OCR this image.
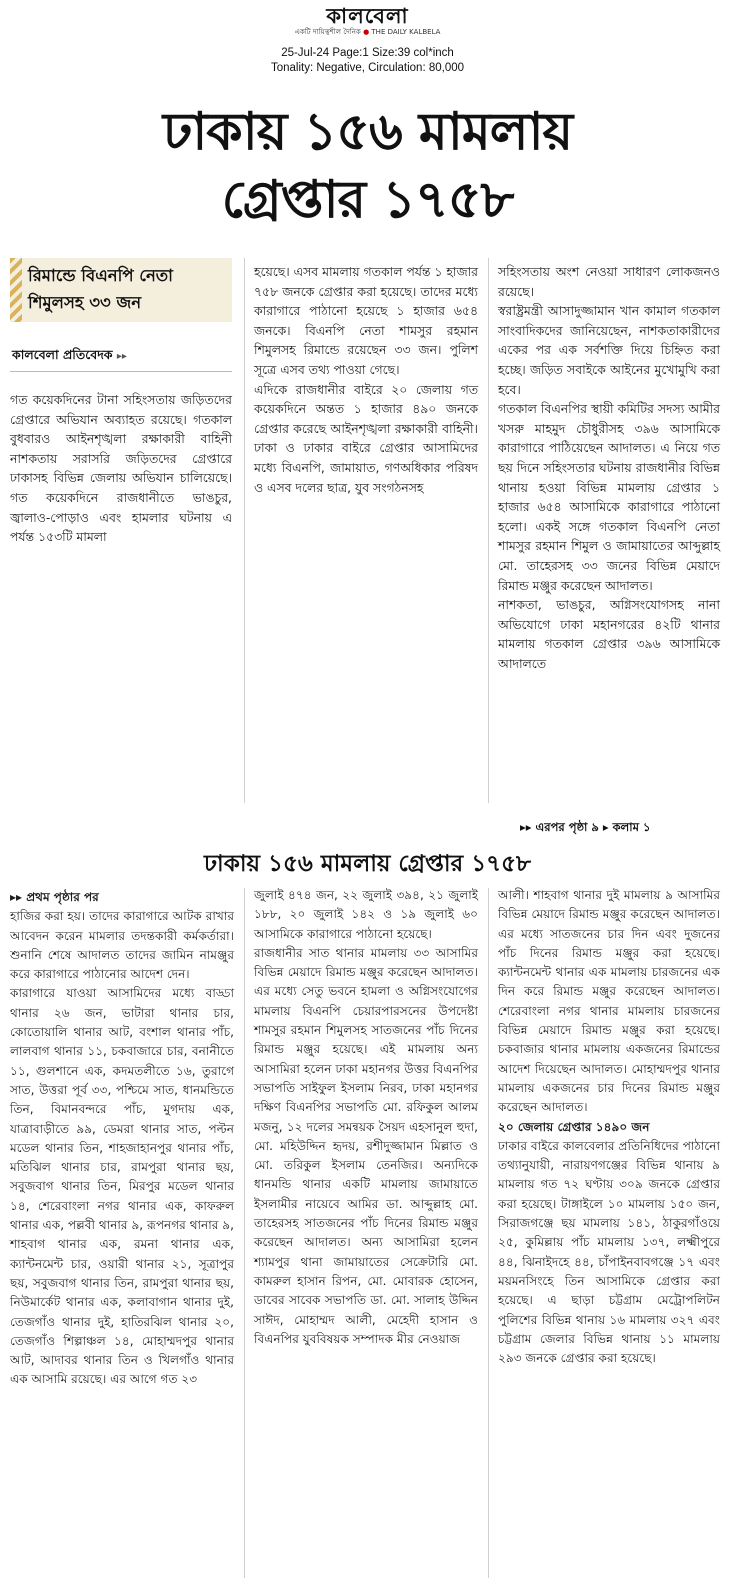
কালবেলা
একটি দায়িত্বশীল দৈনিক ● THE DAILY KALBELA
25-Jul-24 Page:1 Size:39 col*inch
Tonality: Negative, Circulation: 80,000
ঢাকায় ১৫৬ মামলায়
গ্রেপ্তার ১৭৫৮
রিমান্ডে বিএনপি নেতা শিমুলসহ ৩৩ জন
কালবেলা প্রতিবেদক ▸▸

গত কয়েকদিনের টানা সহিংসতায় জড়িতদের গ্রেপ্তারে অভিযান অব্যাহত রয়েছে। গতকাল বুধবারও আইনশৃঙ্খলা রক্ষাকারী বাহিনী নাশকতায় সরাসরি জড়িতদের গ্রেপ্তারে ঢাকাসহ বিভিন্ন জেলায় অভিযান চালিয়েছে। গত কয়েকদিনে রাজধানীতে ভাঙচুর, জ্বালাও-পোড়াও এবং হামলার ঘটনায় এ পর্যন্ত ১৫৩টি মামলা

হয়েছে। এসব মামলায় গতকাল পর্যন্ত ১ হাজার ৭৫৮ জনকে গ্রেপ্তার করা হয়েছে। তাদের মধ্যে কারাগারে পাঠানো হয়েছে ১ হাজার ৬৫৪ জনকে। বিএনপি নেতা শামসুর রহমান শিমুলসহ রিমান্ডে রয়েছেন ৩৩ জন। পুলিশ সূত্রে এসব তথ্য পাওয়া গেছে।

এদিকে রাজধানীর বাইরে ২০ জেলায় গত কয়েকদিনে অন্তত ১ হাজার ৪৯০ জনকে গ্রেপ্তার করেছে আইনশৃঙ্খলা রক্ষাকারী বাহিনী। ঢাকা ও ঢাকার বাইরে গ্রেপ্তার আসামিদের মধ্যে বিএনপি, জামায়াত, গণঅধিকার পরিষদ ও এসব দলের ছাত্র, যুব সংগঠনসহ

সহিংসতায় অংশ নেওয়া সাধারণ লোকজনও রয়েছে।

স্বরাষ্ট্রমন্ত্রী আসাদুজ্জামান খান কামাল গতকাল সাংবাদিকদের জানিয়েছেন, নাশকতাকারীদের একের পর এক সর্বশক্তি দিয়ে চিহ্নিত করা হচ্ছে। জড়িত সবাইকে আইনের মুখোমুখি করা হবে।

গতকাল বিএনপির স্থায়ী কমিটির সদস্য আমীর খসরু মাহমুদ চৌধুরীসহ ৩৯৬ আসামিকে কারাগারে পাঠিয়েছেন আদালত। এ নিয়ে গত ছয় দিনে সহিংসতার ঘটনায় রাজধানীর বিভিন্ন থানায় হওয়া বিভিন্ন মামলায় গ্রেপ্তার ১ হাজার ৬৫৪ আসামিকে কারাগারে পাঠানো হলো। একই সঙ্গে গতকাল বিএনপি নেতা শামসুর রহমান শিমুল ও জামায়াতের আব্দুল্লাহ মো. তাহেরসহ ৩৩ জনের বিভিন্ন মেয়াদে রিমান্ড মঞ্জুর করেছেন আদালত।

নাশকতা, ভাঙচুর, অগ্নিসংযোগসহ নানা অভিযোগে ঢাকা মহানগরের ৪২টি থানার মামলায় গতকাল গ্রেপ্তার ৩৯৬ আসামিকে আদালতে

▸▸ এরপর পৃষ্ঠা ৯ ▸ কলাম ১
ঢাকায় ১৫৬ মামলায় গ্রেপ্তার ১৭৫৮

▸▸ প্রথম পৃষ্ঠার পর

হাজির করা হয়। তাদের কারাগারে আটক রাখার আবেদন করেন মামলার তদন্তকারী কর্মকর্তারা। শুনানি শেষে আদালত তাদের জামিন নামঞ্জুর করে কারাগারে পাঠানোর আদেশ দেন।

কারাগারে যাওয়া আসামিদের মধ্যে বাড্ডা থানার ২৬ জন, ভাটারা থানার চার, কোতোয়ালি থানার আট, বংশাল থানার পাঁচ, লালবাগ থানার ১১, চকবাজারে চার, বনানীতে ১১, গুলশানে এক, কদমতলীতে ১৬, তুরাগে সাত, উত্তরা পূর্ব ৩৩, পশ্চিমে সাত, ধানমন্ডিতে তিন, বিমানবন্দরে পাঁচ, মুগদায় এক, যাত্রাবাড়ীতে ৯৯, ডেমরা থানার সাত, পল্টন মডেল থানার তিন, শাহজাহানপুর থানার পাঁচ, মতিঝিল থানার চার, রামপুরা থানার ছয়, সবুজবাগ থানার তিন, মিরপুর মডেল থানার ১৪, শেরেবাংলা নগর থানার এক, কাফরুল থানার এক, পল্লবী থানার ৯, রূপনগর থানার ৯, শাহবাগ থানার এক, রমনা থানার এক, ক্যান্টনমেন্ট চার, ওয়ারী থানার ২১, সূত্রাপুর ছয়, সবুজবাগ থানার তিন, রামপুরা থানার ছয়, নিউমার্কেট থানার এক, কলাবাগান থানার দুই, তেজগাঁও থানার দুই, হাতিরঝিল থানার ২০, তেজগাঁও শিল্পাঞ্চল ১৪, মোহাম্মদপুর থানার আট, আদাবর থানার তিন ও খিলগাঁও থানার এক আসামি রয়েছে। এর আগে গত ২৩

জুলাই ৪৭৪ জন, ২২ জুলাই ৩৯৪, ২১ জুলাই ১৮৮, ২০ জুলাই ১৪২ ও ১৯ জুলাই ৬০ আসামিকে কারাগারে পাঠানো হয়েছে।

রাজধানীর সাত থানার মামলায় ৩৩ আসামির বিভিন্ন মেয়াদে রিমান্ড মঞ্জুর করেছেন আদালত। এর মধ্যে সেতু ভবনে হামলা ও অগ্নিসংযোগের মামলায় বিএনপি চেয়ারপারসনের উপদেষ্টা শামসুর রহমান শিমুলসহ সাতজনের পাঁচ দিনের রিমান্ড মঞ্জুর হয়েছে। এই মামলায় অন্য আসামিরা হলেন ঢাকা মহানগর উত্তর বিএনপির সভাপতি সাইফুল ইসলাম নিরব, ঢাকা মহানগর দক্ষিণ বিএনপির সভাপতি মো. রফিকুল আলম মজনু, ১২ দলের সমন্বয়ক সৈয়দ এহসানুল হুদা, মো. মহিউদ্দিন হৃদয়, রশীদুজ্জামান মিল্লাত ও মো. তরিকুল ইসলাম তেনজির। অন্যদিকে ধানমন্ডি থানার একটি মামলায় জামায়াতে ইসলামীর নায়েবে আমির ডা. আব্দুল্লাহ মো. তাহেরসহ সাতজনের পাঁচ দিনের রিমান্ড মঞ্জুর করেছেন আদালত। অন্য আসামিরা হলেন শ্যামপুর থানা জামায়াতের সেক্রেটারি মো. কামরুল হাসান রিপন, মো. মোবারক হোসেন, ডাবের সাবেক সভাপতি ডা. মো. সালাহ উদ্দিন সাঈদ, মোহাম্মদ আলী, মেহেদী হাসান ও বিএনপির যুববিষয়ক সম্পাদক মীর নেওয়াজ

আলী। শাহবাগ থানার দুই মামলায় ৯ আসামির বিভিন্ন মেয়াদে রিমান্ড মঞ্জুর করেছেন আদালত। এর মধ্যে সাতজনের চার দিন এবং দুজনের পাঁচ দিনের রিমান্ড মঞ্জুর করা হয়েছে। ক্যান্টনমেন্ট থানার এক মামলায় চারজনের এক দিন করে রিমান্ড মঞ্জুর করেছেন আদালত। শেরেবাংলা নগর থানার মামলায় চারজনের বিভিন্ন মেয়াদে রিমান্ড মঞ্জুর করা হয়েছে। চকবাজার থানার মামলায় একজনের রিমান্ডের আদেশ দিয়েছেন আদালত। মোহাম্মদপুর থানার মামলায় একজনের চার দিনের রিমান্ড মঞ্জুর করেছেন আদালত।

২০ জেলায় গ্রেপ্তার ১৪৯০ জন

ঢাকার বাইরে কালবেলার প্রতিনিধিদের পাঠানো তথ্যানুযায়ী, নারায়ণগঞ্জের বিভিন্ন থানায় ৯ মামলায় গত ৭২ ঘণ্টায় ৩০৯ জনকে গ্রেপ্তার করা হয়েছে। টাঙ্গাইলে ১০ মামলায় ১৫০ জন, সিরাজগঞ্জে ছয় মামলায় ১৪১, ঠাকুরগাঁওয়ে ২৫, কুমিল্লায় পাঁচ মামলায় ১৩৭, লক্ষ্মীপুরে ৪৪, ঝিনাইদহে ৪৪, চাঁপাইনবাবগঞ্জে ১৭ এবং ময়মনসিংহে তিন আসামিকে গ্রেপ্তার করা হয়েছে। এ ছাড়া চট্টগ্রাম মেট্রোপলিটন পুলিশের বিভিন্ন থানায় ১৬ মামলায় ৩২৭ এবং চট্টগ্রাম জেলার বিভিন্ন থানায় ১১ মামলায় ২৯৩ জনকে গ্রেপ্তার করা হয়েছে।
